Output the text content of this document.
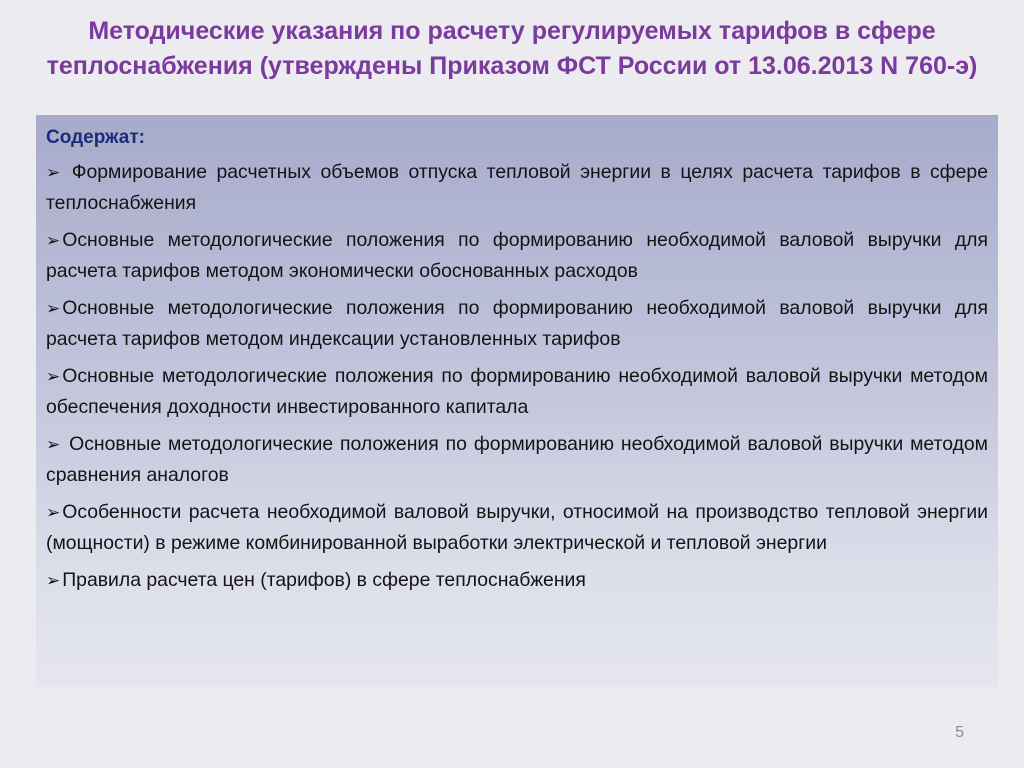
Методические указания по расчету регулируемых тарифов в сфере теплоснабжения (утверждены Приказом ФСТ России от 13.06.2013 N 760-э)
Содержат:
➢ Формирование расчетных объемов отпуска тепловой энергии в целях расчета тарифов в сфере теплоснабжения
➢ Основные методологические положения по формированию необходимой валовой выручки для расчета тарифов методом экономически обоснованных расходов
➢ Основные методологические положения по формированию необходимой валовой выручки для расчета тарифов методом индексации установленных тарифов
➢ Основные методологические положения по формированию необходимой валовой выручки методом обеспечения доходности инвестированного капитала
➢ Основные методологические положения по формированию необходимой валовой выручки методом сравнения аналогов
➢ Особенности расчета необходимой валовой выручки, относимой на производство тепловой энергии (мощности) в режиме комбинированной выработки электрической и тепловой энергии
➢ Правила расчета цен (тарифов) в сфере теплоснабжения
5
